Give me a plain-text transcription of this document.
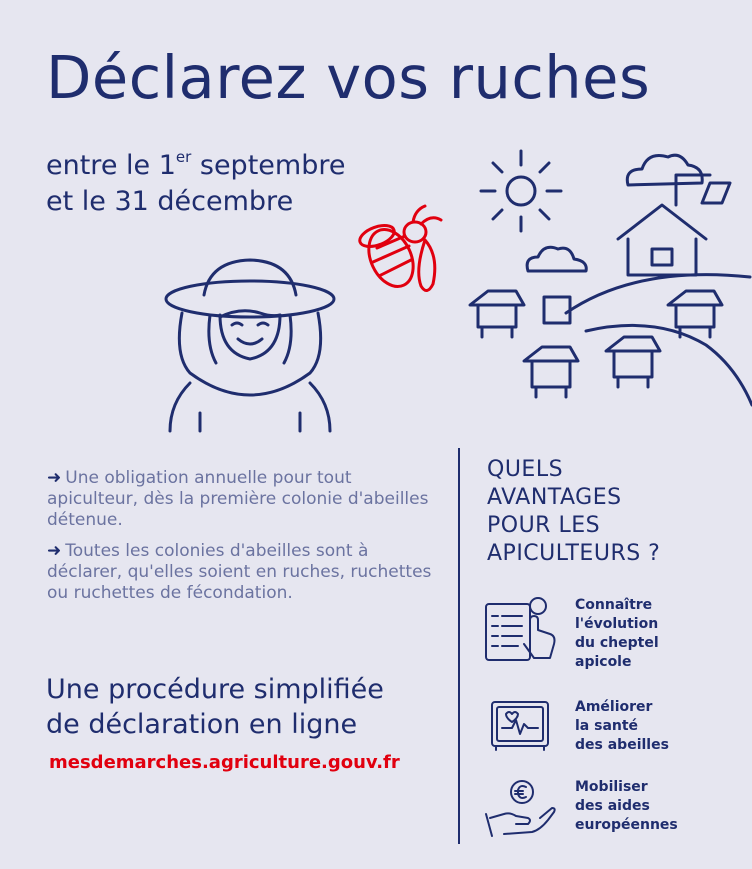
Déclarez vos ruches
entre le 1er septembre
et le 31 décembre

➜ Une obligation annuelle pour tout apiculteur, dès la première colonie d'abeilles détenue.

➜ Toutes les colonies d'abeilles sont à déclarer, qu'elles soient en ruches, ruchettes ou ruchettes de fécondation.

Une procédure simplifiée
de déclaration en ligne
mesdemarches.agriculture.gouv.fr
QUELS
AVANTAGES
POUR LES
APICULTEURS ?
Connaître
l'évolution
du cheptel
apicole
Améliorer
la santé
des abeilles
Mobiliser
des aides
européennes
